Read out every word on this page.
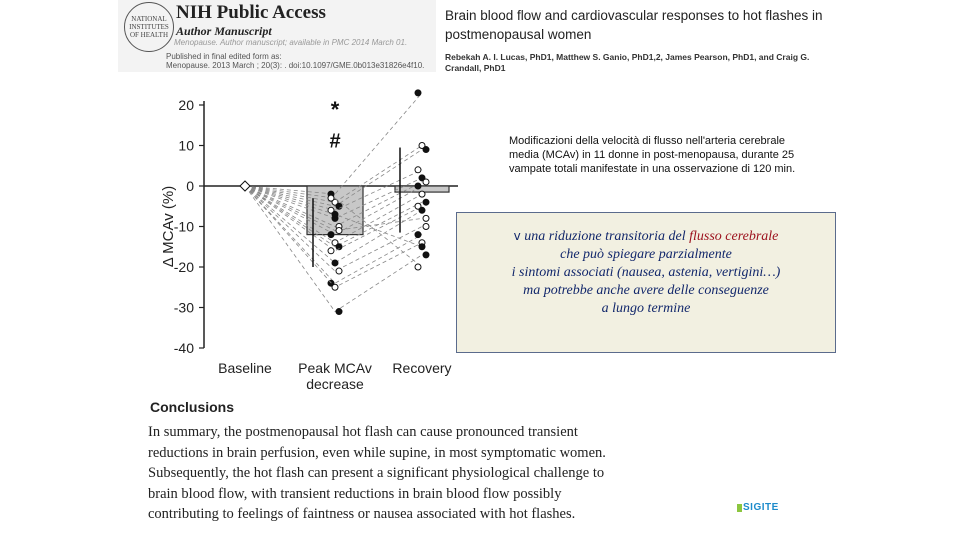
NATIONAL INSTITUTES OF HEALTH
NIH Public Access
Author Manuscript
Menopause. Author manuscript; available in PMC 2014 March 01.
Published in final edited form as:
Menopause. 2013 March ; 20(3): . doi:10.1097/GME.0b013e31826e4f10.
Brain blood flow and cardiovascular responses to hot flashes in postmenopausal women
Rebekah A. I. Lucas, PhD1, Matthew S. Ganio, PhD1,2, James Pearson, PhD1, and Craig G. Crandall, PhD1
20
10
0
-10
-20
-30
-40
Δ MCAv (%)
*
#
Baseline Peak MCAv
decrease
Recovery
Modificazioni della velocità di flusso nell'arteria cerebrale media (MCAv) in 11 donne in post-menopausa, durante 25 vampate totali manifestate in una osservazione di 120 min.
v una riduzione transitoria del flusso cerebrale
che può spiegare parzialmente
i sintomi associati (nausea, astenia, vertigini…)
ma potrebbe anche avere delle conseguenze
a lungo termine
Conclusions
In summary, the postmenopausal hot flash can cause pronounced transient reductions in brain perfusion, even while supine, in most symptomatic women. Subsequently, the hot flash can present a significant physiological challenge to brain blood flow, with transient reductions in brain blood flow possibly contributing to feelings of faintness or nausea associated with hot flashes.	SIGITE
